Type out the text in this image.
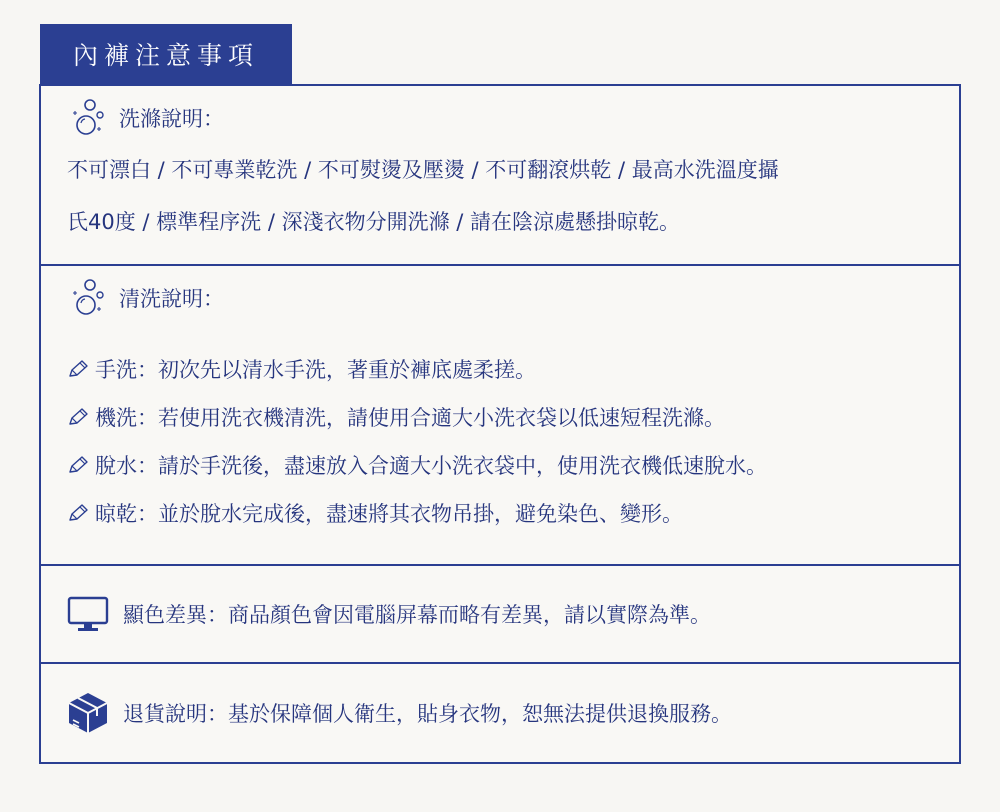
內褲注意事項
洗滌說明：
不可漂白 / 不可專業乾洗 / 不可熨燙及壓燙 / 不可翻滾烘乾 / 最高水洗溫度攝
氏40度 / 標準程序洗 / 深淺衣物分開洗滌 / 請在陰涼處懸掛晾乾。
清洗說明：
手洗：初次先以清水手洗，著重於褲底處柔搓。
機洗：若使用洗衣機清洗，請使用合適大小洗衣袋以低速短程洗滌。
脫水：請於手洗後，盡速放入合適大小洗衣袋中，使用洗衣機低速脫水。
晾乾：並於脫水完成後，盡速將其衣物吊掛，避免染色、變形。
顯色差異：商品顏色會因電腦屏幕而略有差異，請以實際為準。
退貨說明：基於保障個人衛生，貼身衣物，恕無法提供退換服務。
